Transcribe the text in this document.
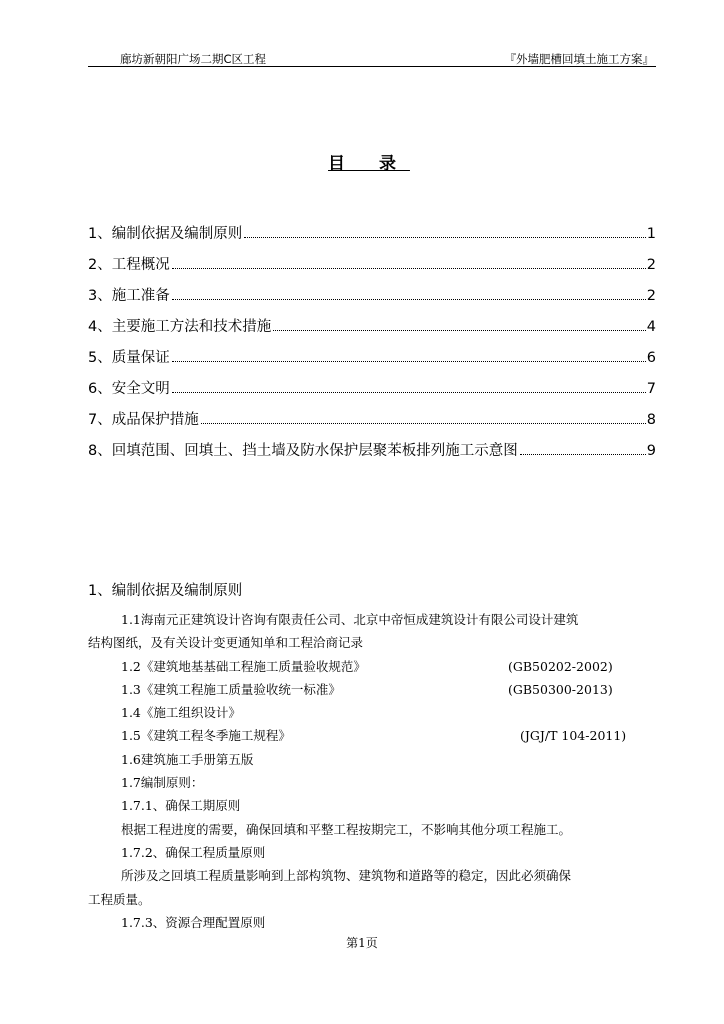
廊坊新朝阳广场二期C区工程	『外墙肥槽回填土施工方案』
目 录
1、编制依据及编制原则	1
2、工程概况	2
3、施工准备	2
4、主要施工方法和技术措施	4
5、质量保证	6
6、安全文明	7
7、成品保护措施	8
8、回填范围、回填土、挡土墙及防水保护层聚苯板排列施工示意图	9
1、编制依据及编制原则
1.1海南元正建筑设计咨询有限责任公司、北京中帝恒成建筑设计有限公司设计建筑
结构图纸，及有关设计变更通知单和工程洽商记录
1.2《建筑地基基础工程施工质量验收规范》	(GB50202-2002)
1.3《建筑工程施工质量验收统一标准》	(GB50300-2013)
1.4《施工组织设计》
1.5《建筑工程冬季施工规程》	(JGJ/T 104-2011)
1.6建筑施工手册第五版
1.7编制原则：
1.7.1、确保工期原则
根据工程进度的需要，确保回填和平整工程按期完工，不影响其他分项工程施工。
1.7.2、确保工程质量原则
所涉及之回填工程质量影响到上部构筑物、建筑物和道路等的稳定，因此必须确保
工程质量。
1.7.3、资源合理配置原则
第1页
